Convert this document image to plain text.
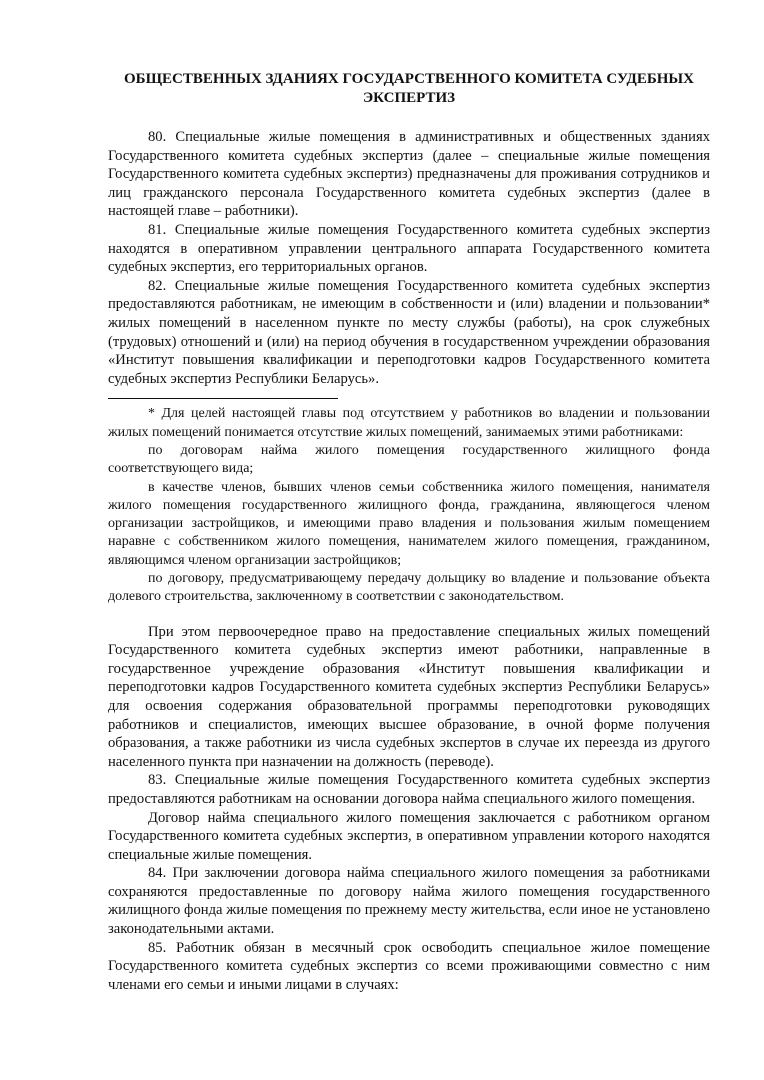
ОБЩЕСТВЕННЫХ ЗДАНИЯХ ГОСУДАРСТВЕННОГО КОМИТЕТА СУДЕБНЫХ
ЭКСПЕРТИЗ

80. Специальные жилые помещения в административных и общественных зданиях Государственного комитета судебных экспертиз (далее – специальные жилые помещения Государственного комитета судебных экспертиз) предназначены для проживания сотрудников и лиц гражданского персонала Государственного комитета судебных экспертиз (далее в настоящей главе – работники).

81. Специальные жилые помещения Государственного комитета судебных экспертиз находятся в оперативном управлении центрального аппарата Государственного комитета судебных экспертиз, его территориальных органов.

82. Специальные жилые помещения Государственного комитета судебных экспертиз предоставляются работникам, не имеющим в собственности и (или) владении и пользовании* жилых помещений в населенном пункте по месту службы (работы), на срок служебных (трудовых) отношений и (или) на период обучения в государственном учреждении образования «Институт повышения квалификации и переподготовки кадров Государственного комитета судебных экспертиз Республики Беларусь».

* Для целей настоящей главы под отсутствием у работников во владении и пользовании жилых помещений понимается отсутствие жилых помещений, занимаемых этими работниками:

по договорам найма жилого помещения государственного жилищного фонда соответствующего вида;

в качестве членов, бывших членов семьи собственника жилого помещения, нанимателя жилого помещения государственного жилищного фонда, гражданина, являющегося членом организации застройщиков, и имеющими право владения и пользования жилым помещением наравне с собственником жилого помещения, нанимателем жилого помещения, гражданином, являющимся членом организации застройщиков;

по договору, предусматривающему передачу дольщику во владение и пользование объекта долевого строительства, заключенному в соответствии с законодательством.

При этом первоочередное право на предоставление специальных жилых помещений Государственного комитета судебных экспертиз имеют работники, направленные в государственное учреждение образования «Институт повышения квалификации и переподготовки кадров Государственного комитета судебных экспертиз Республики Беларусь» для освоения содержания образовательной программы переподготовки руководящих работников и специалистов, имеющих высшее образование, в очной форме получения образования, а также работники из числа судебных экспертов в случае их переезда из другого населенного пункта при назначении на должность (переводе).

83. Специальные жилые помещения Государственного комитета судебных экспертиз предоставляются работникам на основании договора найма специального жилого помещения.

Договор найма специального жилого помещения заключается с работником органом Государственного комитета судебных экспертиз, в оперативном управлении которого находятся специальные жилые помещения.

84. При заключении договора найма специального жилого помещения за работниками сохраняются предоставленные по договору найма жилого помещения государственного жилищного фонда жилые помещения по прежнему месту жительства, если иное не установлено законодательными актами.

85. Работник обязан в месячный срок освободить специальное жилое помещение Государственного комитета судебных экспертиз со всеми проживающими совместно с ним членами его семьи и иными лицами в случаях:
